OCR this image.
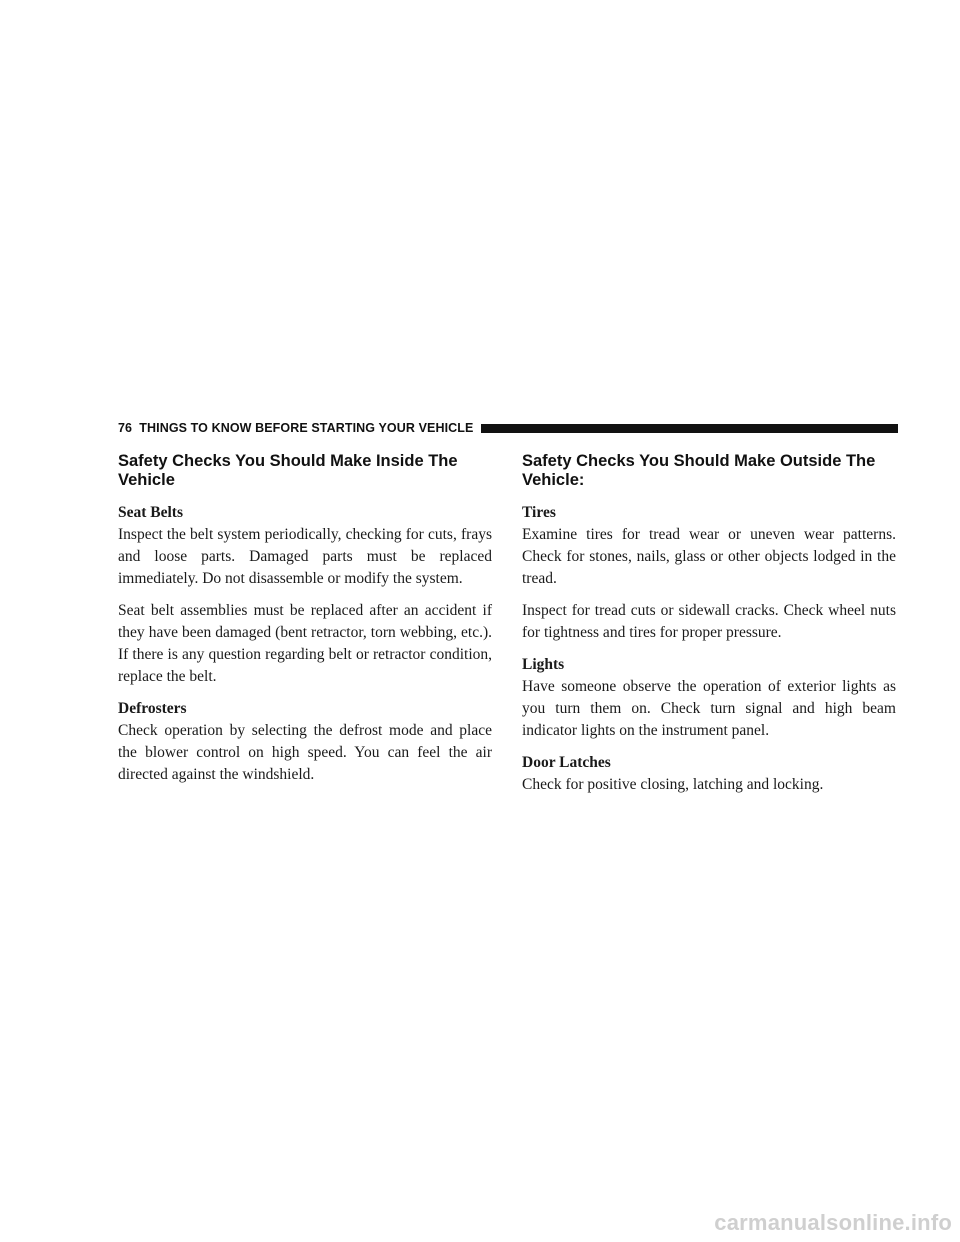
76 THINGS TO KNOW BEFORE STARTING YOUR VEHICLE
Safety Checks You Should Make Inside The Vehicle

Seat Belts

Inspect the belt system periodically, checking for cuts, frays and loose parts. Damaged parts must be replaced immediately. Do not disassemble or modify the system.

Seat belt assemblies must be replaced after an accident if they have been damaged (bent retractor, torn webbing, etc.). If there is any question regarding belt or retractor condition, replace the belt.

Defrosters

Check operation by selecting the defrost mode and place the blower control on high speed. You can feel the air directed against the windshield.

Safety Checks You Should Make Outside The Vehicle:

Tires

Examine tires for tread wear or uneven wear patterns. Check for stones, nails, glass or other objects lodged in the tread.

Inspect for tread cuts or sidewall cracks. Check wheel nuts for tightness and tires for proper pressure.

Lights

Have someone observe the operation of exterior lights as you turn them on. Check turn signal and high beam indicator lights on the instrument panel.

Door Latches

Check for positive closing, latching and locking.

carmanualsonline.info
